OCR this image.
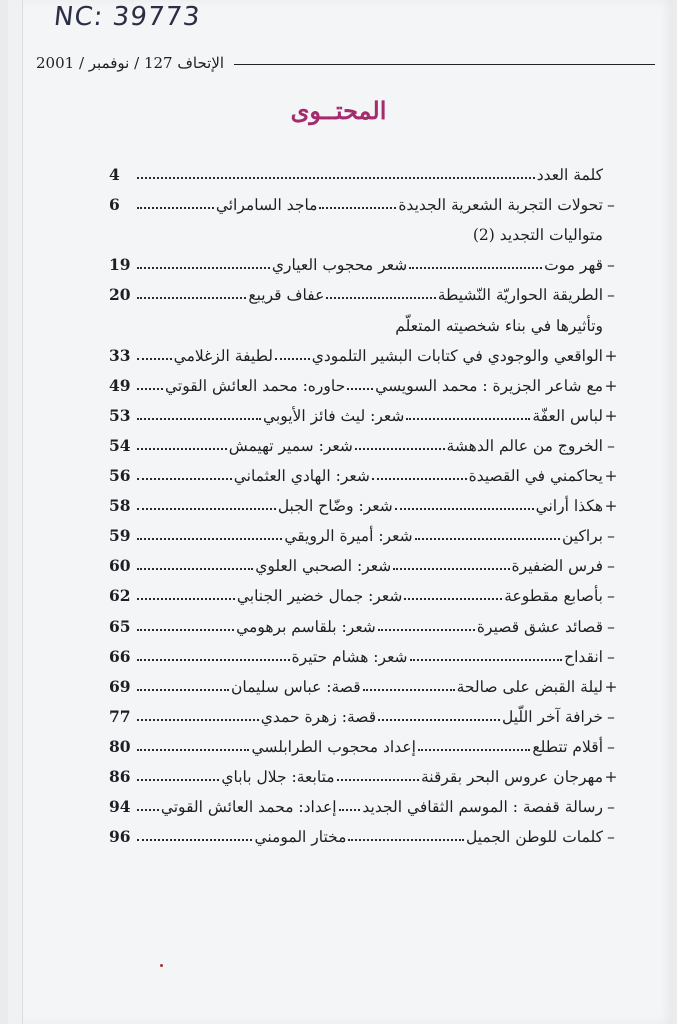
NC: 39773
الإتحاف 127 / نوفمبر / 2001
المحتــوى
كلمة العدد
4
–
تحولات التجربة الشعرية الجديدة
ماجد السامرائي
6
متواليات التجديد (2)
–
قهر موت
شعر محجوب العياري
19
–
الطريقة الحواريّة النّشيطة
عفاف قريبع
20
وتأثيرها في بناء شخصيته المتعلّم
+
الواقعي والوجودي في كتابات البشير التلمودي
لطيفة الزغلامي
33
+
مع شاعر الجزيرة : محمد السويسي
حاوره: محمد العائش القوتي
49
+
لباس العفّة
شعر: ليث فائز الأيوبي
53
–
الخروج من عالم الدهشة
شعر: سمير تهيمش
54
+
يحاكمني في القصيدة
شعر: الهادي العثماني
56
+
هكذا أراني
شعر: وضّاح الجبل
58
–
براكين
شعر: أميرة الرويقي
59
–
فرس الضفيرة
شعر: الصحبي العلوي
60
–
بأصابع مقطوعة
شعر: جمال خضير الجنابي
62
–
قصائد عشق قصيرة
شعر: بلقاسم برهومي
65
–
انقداح
شعر: هشام حتيرة
66
+
ليلة القبض على صالحة
قصة: عباس سليمان
69
–
خرافة آخر اللّيل
قصة: زهرة حمدي
77
–
أقلام تتطلع
إعداد محجوب الطرابلسي
80
+
مهرجان عروس البحر بقرقنة
متابعة: جلال باباي
86
–
رسالة قفصة : الموسم الثقافي الجديد
إعداد: محمد العائش القوتي
94
–
كلمات للوطن الجميل
مختار المومني
96
